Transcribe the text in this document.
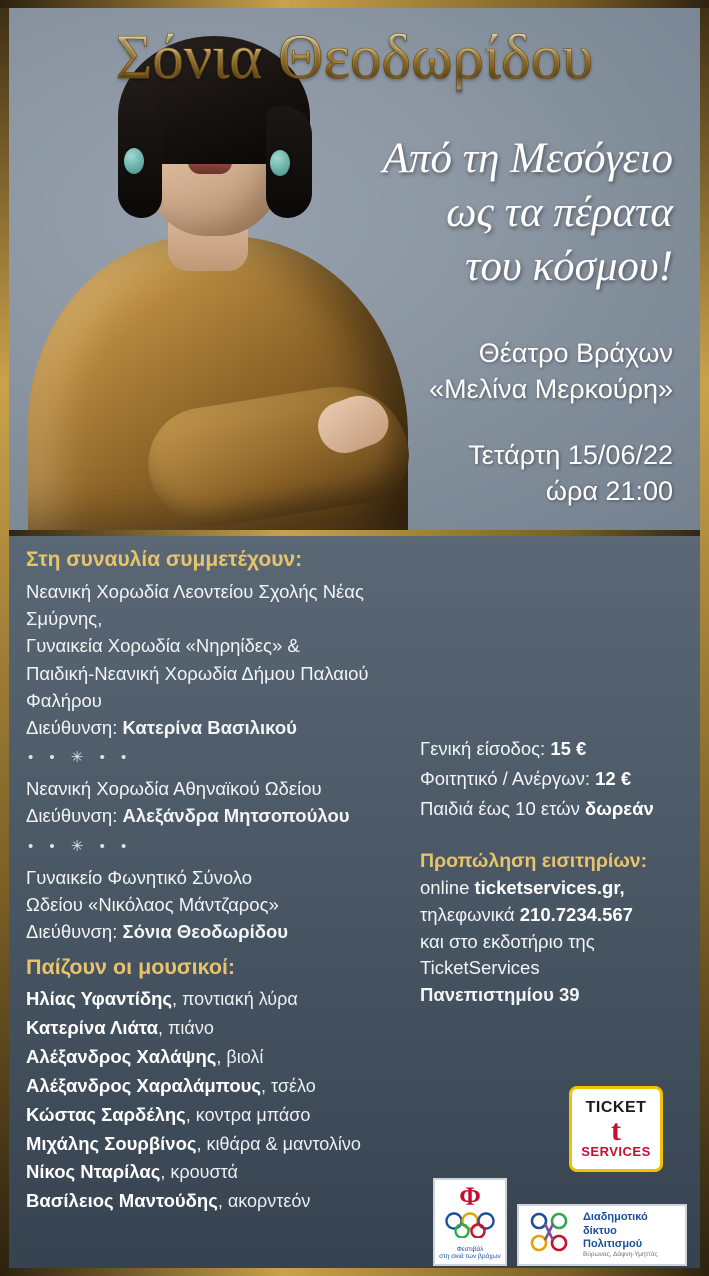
Σόνια Θεοδωρίδου
Από τη Μεσόγειο
ως τα πέρατα
του κόσμου!
Θέατρο Βράχων
«Μελίνα Μερκούρη»
Τετάρτη 15/06/22
ώρα 21:00
Στη συναυλία συμμετέχουν:
Νεανική Χορωδία Λεοντείου Σχολής Νέας Σμύρνης,
Γυναικεία Χορωδία «Νηρηίδες» &
Παιδική-Νεανική Χορωδία Δήμου Παλαιού Φαλήρου
Διεύθυνση: Κατερίνα Βασιλικού
• • ✳ • •
Νεανική Χορωδία Αθηναϊκού Ωδείου
Διεύθυνση: Αλεξάνδρα Μητσοπούλου
• • ✳ • •
Γυναικείο Φωνητικό Σύνολο
Ωδείου «Νικόλαος Μάντζαρος»
Διεύθυνση: Σόνια Θεοδωρίδου
Παίζουν οι μουσικοί:
Ηλίας Υφαντίδης, ποντιακή λύρα
Κατερίνα Λιάτα, πιάνο
Αλέξανδρος Χαλάψης, βιολί
Αλέξανδρος Χαραλάμπους, τσέλο
Κώστας Σαρδέλης, κοντρα μπάσο
Μιχάλης Σουρβίνος, κιθάρα & μαντολίνο
Νίκος Νταρίλας, κρουστά
Βασίλειος Μαντούδης, ακορντεόν
Γενική είσοδος: 15 €
Φοιτητικό / Ανέργων: 12 €
Παιδιά έως 10 ετών δωρεάν
Προπώληση εισιτηρίων:
online ticketservices.gr,
τηλεφωνικά 210.7234.567
και στο εκδοτήριο της
TicketServices
Πανεπιστημίου 39
TICKET
t
SERVICES
Φ
Φεστιβάλ
στη σκιά των βράχων
Διαδημοτικό
δίκτυο
Πολιτισμού
Βύρωνας, Δάφνη-Υμηττός
